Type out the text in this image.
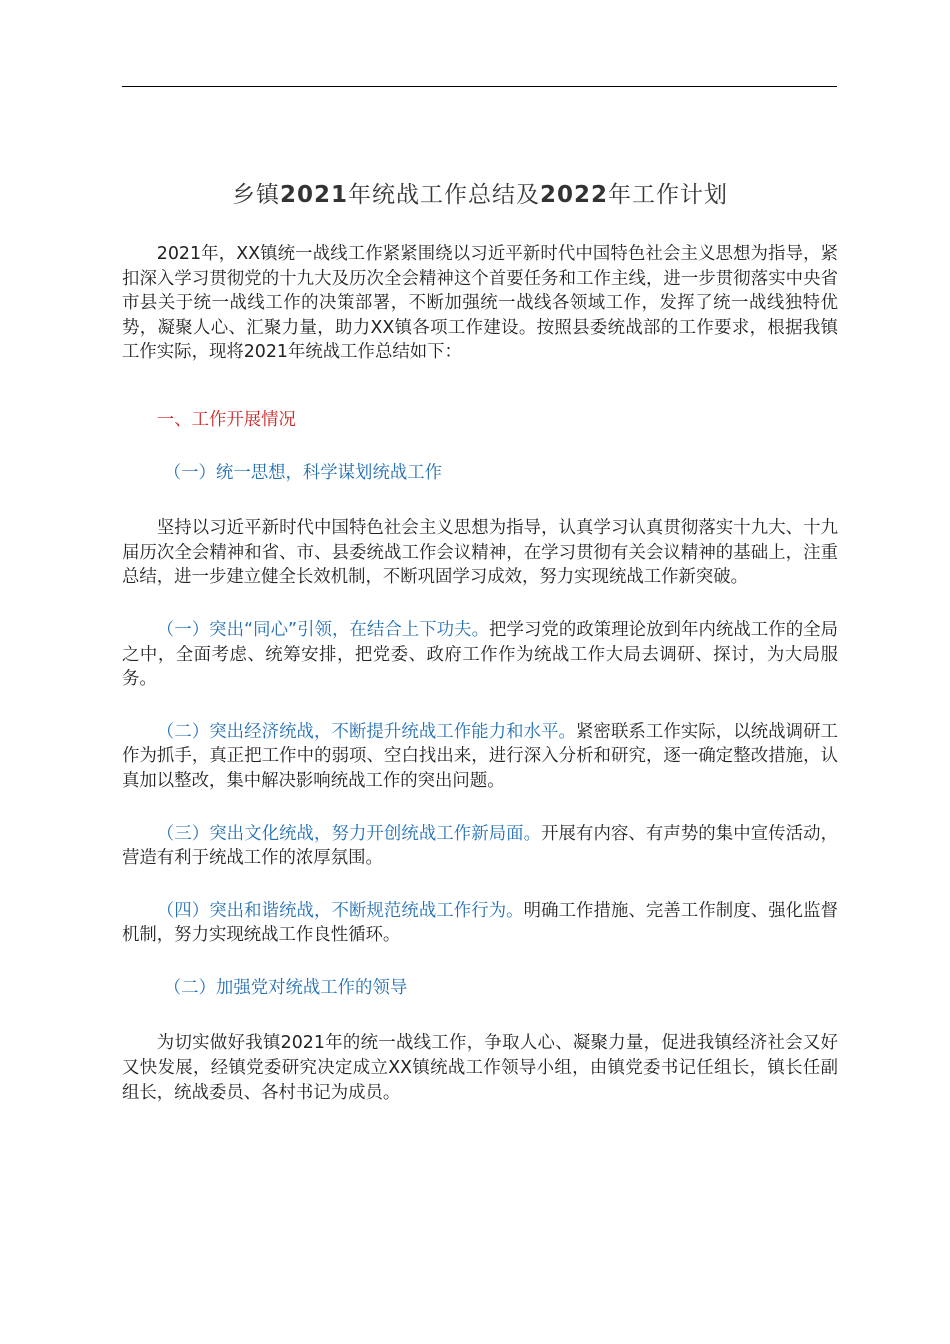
乡镇2021年统战工作总结及2022年工作计划

2021年，XX镇统一战线工作紧紧围绕以习近平新时代中国特色社会主义思想为指导，紧扣深入学习贯彻党的十九大及历次全会精神这个首要任务和工作主线，进一步贯彻落实中央省市县关于统一战线工作的决策部署，不断加强统一战线各领域工作，发挥了统一战线独特优势，凝聚人心、汇聚力量，助力XX镇各项工作建设。按照县委统战部的工作要求，根据我镇工作实际，现将2021年统战工作总结如下：

一、工作开展情况
（一）统一思想，科学谋划统战工作

坚持以习近平新时代中国特色社会主义思想为指导，认真学习认真贯彻落实十九大、十九届历次全会精神和省、市、县委统战工作会议精神，在学习贯彻有关会议精神的基础上，注重总结，进一步建立健全长效机制，不断巩固学习成效，努力实现统战工作新突破。

（一）突出“同心”引领，在结合上下功夫。把学习党的政策理论放到年内统战工作的全局之中，全面考虑、统筹安排，把党委、政府工作作为统战工作大局去调研、探讨，为大局服务。

（二）突出经济统战，不断提升统战工作能力和水平。紧密联系工作实际，以统战调研工作为抓手，真正把工作中的弱项、空白找出来，进行深入分析和研究，逐一确定整改措施，认真加以整改，集中解决影响统战工作的突出问题。

（三）突出文化统战，努力开创统战工作新局面。开展有内容、有声势的集中宣传活动，营造有利于统战工作的浓厚氛围。

（四）突出和谐统战，不断规范统战工作行为。明确工作措施、完善工作制度、强化监督机制，努力实现统战工作良性循环。

（二）加强党对统战工作的领导

为切实做好我镇2021年的统一战线工作，争取人心、凝聚力量，促进我镇经济社会又好又快发展，经镇党委研究决定成立XX镇统战工作领导小组，由镇党委书记任组长，镇长任副组长，统战委员、各村书记为成员。
